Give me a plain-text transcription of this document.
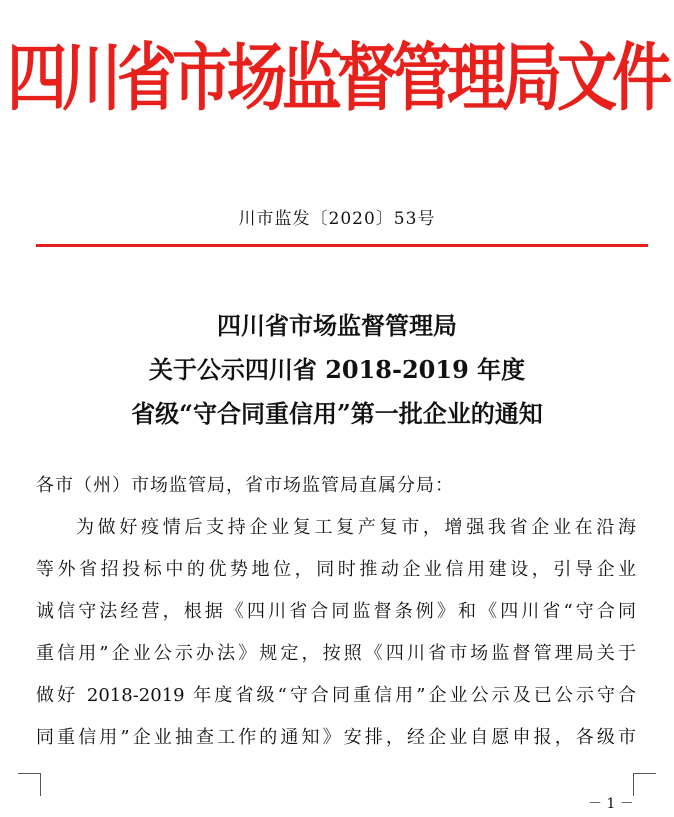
四川省市场监督管理局文件
川市监发〔2020〕53号
四川省市场监督管理局
关于公示四川省 2018-2019 年度
省级“守合同重信用”第一批企业的通知
各市（州）市场监管局，省市场监管局直属分局：
为做好疫情后支持企业复工复产复市，增强我省企业在沿海
等外省招投标中的优势地位，同时推动企业信用建设，引导企业
诚信守法经营，根据《四川省合同监督条例》和《四川省“守合同
重信用”企业公示办法》规定，按照《四川省市场监督管理局关于
做好 2018-2019 年度省级“守合同重信用”企业公示及已公示守合
同重信用”企业抽查工作的通知》安排，经企业自愿申报，各级市
－ 1 －
